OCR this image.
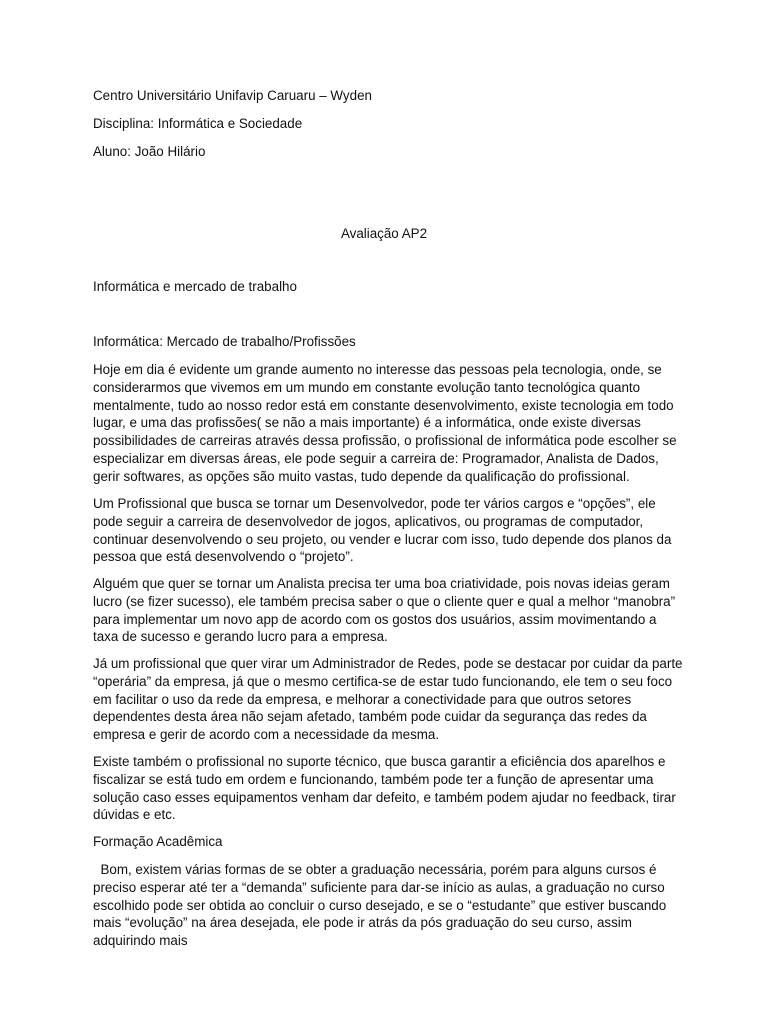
Centro Universitário Unifavip Caruaru – Wyden
Disciplina: Informática e Sociedade
Aluno: João Hilário
Avaliação AP2
Informática e mercado de trabalho
Informática: Mercado de trabalho/Profissões

Hoje em dia é evidente um grande aumento no interesse das pessoas pela tecnologia, onde, se considerarmos que vivemos em um mundo em constante evolução tanto tecnológica quanto mentalmente, tudo ao nosso redor está em constante desenvolvimento, existe tecnologia em todo lugar, e uma das profissões( se não a mais importante) é a informática, onde existe diversas possibilidades de carreiras através dessa profissão, o profissional de informática pode escolher se especializar em diversas áreas, ele pode seguir a carreira de: Programador, Analista de Dados, gerir softwares, as opções são muito vastas, tudo depende da qualificação do profissional.

Um Profissional que busca se tornar um Desenvolvedor, pode ter vários cargos e “opções”, ele pode seguir a carreira de desenvolvedor de jogos, aplicativos, ou programas de computador, continuar desenvolvendo o seu projeto, ou vender e lucrar com isso, tudo depende dos planos da pessoa que está desenvolvendo o “projeto”.

Alguém que quer se tornar um Analista precisa ter uma boa criatividade, pois novas ideias geram lucro (se fizer sucesso), ele também precisa saber o que o cliente quer e qual a melhor “manobra” para implementar um novo app de acordo com os gostos dos usuários, assim movimentando a taxa de sucesso e gerando lucro para a empresa.

Já um profissional que quer virar um Administrador de Redes, pode se destacar por cuidar da parte “operária” da empresa, já que o mesmo certifica-se de estar tudo funcionando, ele tem o seu foco em facilitar o uso da rede da empresa, e melhorar a conectividade para que outros setores dependentes desta área não sejam afetado, também pode cuidar da segurança das redes da empresa e gerir de acordo com a necessidade da mesma.

Existe também o profissional no suporte técnico, que busca garantir a eficiência dos aparelhos e fiscalizar se está tudo em ordem e funcionando, também pode ter a função de apresentar uma solução caso esses equipamentos venham dar defeito, e também podem ajudar no feedback, tirar dúvidas e etc.

Formação Acadêmica

Bom, existem várias formas de se obter a graduação necessária, porém para alguns cursos é preciso esperar até ter a “demanda” suficiente para dar-se início as aulas, a graduação no curso escolhido pode ser obtida ao concluir o curso desejado, e se o “estudante” que estiver buscando mais “evolução” na área desejada, ele pode ir atrás da pós graduação do seu curso, assim adquirindo mais
